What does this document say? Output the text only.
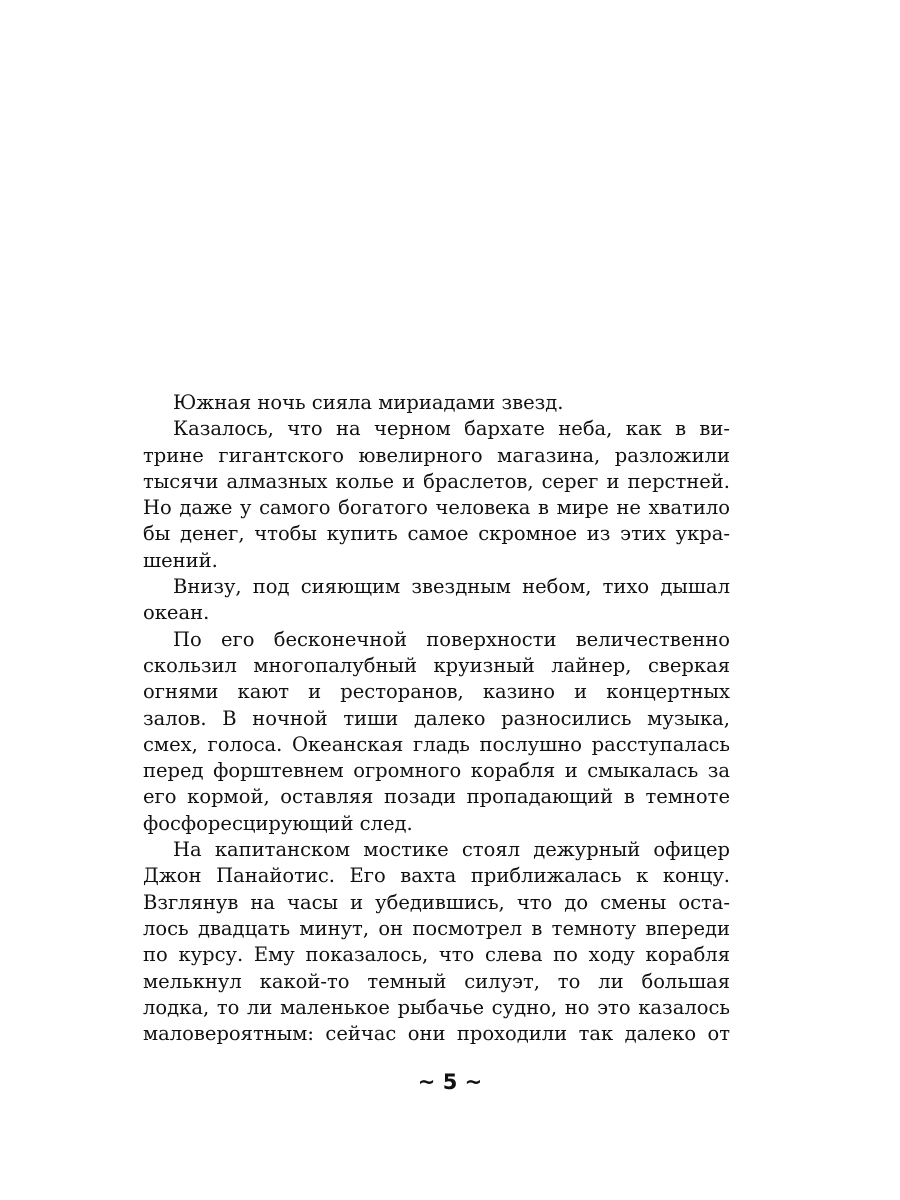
Южная ночь сияла мириадами звезд.
Казалось, что на черном бархате неба, как в ви-
трине гигантского ювелирного магазина, разложили
тысячи алмазных колье и браслетов, серег и перстней.
Но даже у самого богатого человека в мире не хватило
бы денег, чтобы купить самое скромное из этих укра-
шений.
Внизу, под сияющим звездным небом, тихо дышал
океан.
По его бесконечной поверхности величественно
скользил многопалубный круизный лайнер, сверкая
огнями кают и ресторанов, казино и концертных
залов. В ночной тиши далеко разносились музыка,
смех, голоса. Океанская гладь послушно расступалась
перед форштевнем огромного корабля и смыкалась за
его кормой, оставляя позади пропадающий в темноте
фосфоресцирующий след.
На капитанском мостике стоял дежурный офицер
Джон Панайотис. Его вахта приближалась к концу.
Взглянув на часы и убедившись, что до смены оста-
лось двадцать минут, он посмотрел в темноту впереди
по курсу. Ему показалось, что слева по ходу корабля
мелькнул какой-то темный силуэт, то ли большая
лодка, то ли маленькое рыбачье судно, но это казалось
маловероятным: сейчас они проходили так далеко от
~ 5 ~
